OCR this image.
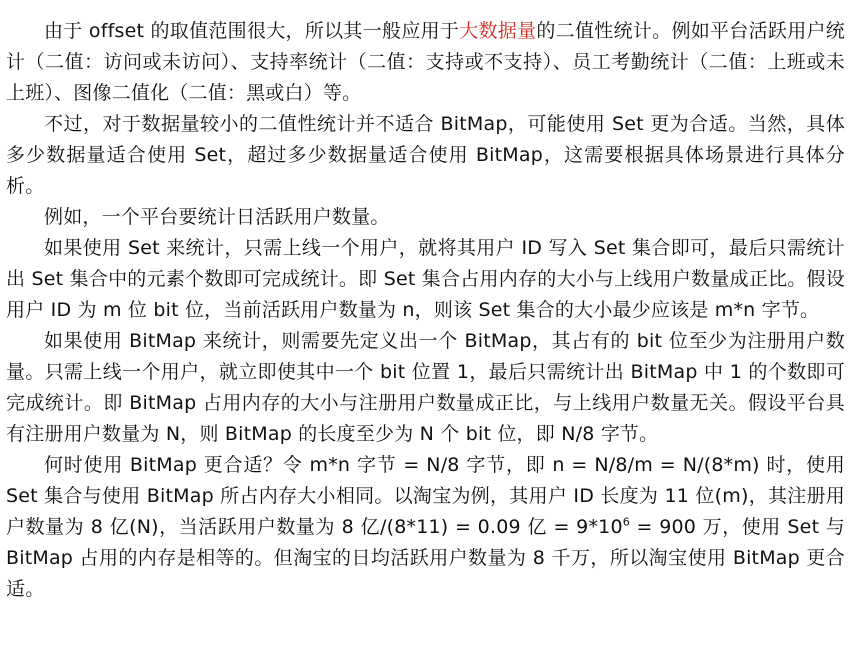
由于 offset 的取值范围很大，所以其一般应用于大数据量的二值性统计。例如平台活跃用户统计（二值：访问或未访问）、支持率统计（二值：支持或不支持）、员工考勤统计（二值：上班或未上班）、图像二值化（二值：黑或白）等。

不过，对于数据量较小的二值性统计并不适合 BitMap，可能使用 Set 更为合适。当然，具体多少数据量适合使用 Set，超过多少数据量适合使用 BitMap，这需要根据具体场景进行具体分析。

例如，一个平台要统计日活跃用户数量。

如果使用 Set 来统计，只需上线一个用户，就将其用户 ID 写入 Set 集合即可，最后只需统计出 Set 集合中的元素个数即可完成统计。即 Set 集合占用内存的大小与上线用户数量成正比。假设用户 ID 为 m 位 bit 位，当前活跃用户数量为 n，则该 Set 集合的大小最少应该是 m*n 字节。

如果使用 BitMap 来统计，则需要先定义出一个 BitMap，其占有的 bit 位至少为注册用户数量。只需上线一个用户，就立即使其中一个 bit 位置 1，最后只需统计出 BitMap 中 1 的个数即可完成统计。即 BitMap 占用内存的大小与注册用户数量成正比，与上线用户数量无关。假设平台具有注册用户数量为 N，则 BitMap 的长度至少为 N 个 bit 位，即 N/8 字节。

何时使用 BitMap 更合适？令 m*n 字节 = N/8 字节，即 n = N/8/m = N/(8*m) 时，使用 Set 集合与使用 BitMap 所占内存大小相同。以淘宝为例，其用户 ID 长度为 11 位(m)，其注册用户数量为 8 亿(N)，当活跃用户数量为 8 亿/(8*11) = 0.09 亿 = $9*10^6 = 900$ 万，使用 Set 与 BitMap 占用的内存是相等的。但淘宝的日均活跃用户数量为 8 千万，所以淘宝使用 BitMap 更合适。
